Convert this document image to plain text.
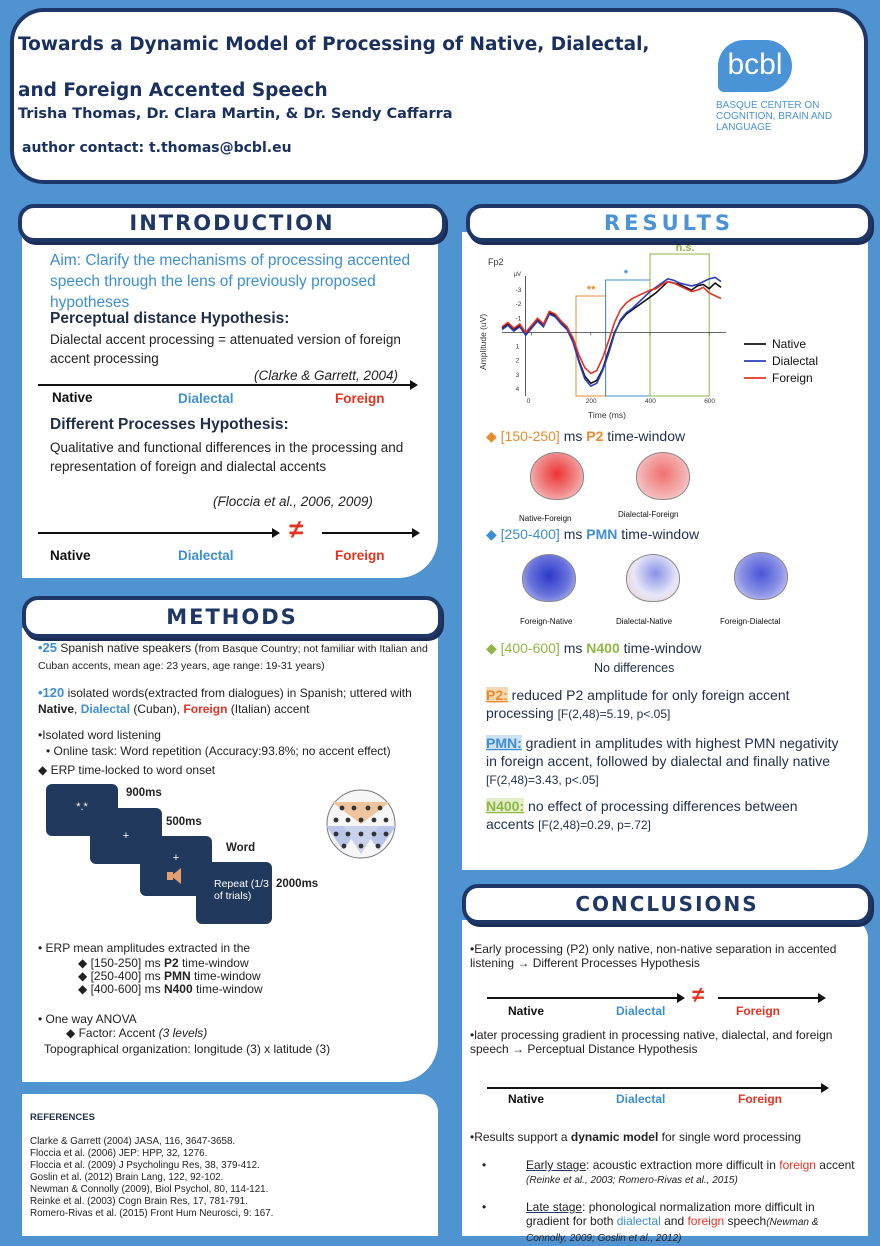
Towards a Dynamic Model of Processing of Native, Dialectal, and Foreign Accented Speech
Trisha Thomas, Dr. Clara Martin, & Dr. Sendy Caffarra
author contact: t.thomas@bcbl.eu
bcbl
BASQUE CENTER ON COGNITION, BRAIN AND LANGUAGE
INTRODUCTION
Aim: Clarify the mechanisms of processing accented speech through the lens of previously proposed hypotheses
Perceptual distance Hypothesis:
Dialectal accent processing = attenuated version of foreign accent processing
(Clarke & Garrett, 2004)
Native	Dialectal	Foreign
Different Processes Hypothesis:
Qualitative and functional differences in the processing and representation of foreign and dialectal accents
(Floccia et al., 2006, 2009)
≠
Native	Dialectal	Foreign
METHODS
•25 Spanish native speakers (from Basque Country; not familiar with Italian and Cuban accents, mean age: 23 years, age range: 19-31 years)
•120 isolated words(extracted from dialogues) in Spanish; uttered with Native, Dialectal (Cuban), Foreign (Italian) accent
•Isolated word listening
• Online task: Word repetition (Accuracy:93.8%; no accent effect)
◆ ERP time-locked to word onset
*.*
900ms
+
500ms
+
Word
Repeat (1/3 of trials)
2000ms
• ERP mean amplitudes extracted in the
◆ [150-250] ms P2 time-window
◆ [250-400] ms PMN time-window
◆ [400-600] ms N400 time-window
• One way ANOVA
◆ Factor: Accent (3 levels)
Topographical organization: longitude (3) x latitude (3)
REFERENCES
Clarke & Garrett (2004) JASA, 116, 3647-3658.
Floccia et al. (2006) JEP: HPP, 32, 1276.
Floccia et al. (2009) J Psycholingu Res, 38, 379-412.
Goslin et al. (2012) Brain Lang, 122, 92-102.
Newman & Connolly (2009), Biol Psychol, 80, 114-121.
Reinke et al. (2003) Cogn Brain Res, 17, 781-791.
Romero-Rivas et al. (2015) Front Hum Neurosci, 9: 167.
RESULTS
Fp2
Amplitude (uV)
Time (ms)
**
*
n.s.
0	200	400	600
-3
-2
-1
1
2
3
4
µV
Native
Dialectal
Foreign
◆ [150-250] ms P2 time-window
Native-Foreign	Dialectal-Foreign
◆ [250-400] ms PMN time-window
Foreign-Native	Dialectal-Native	Foreign-Dialectal
◆ [400-600] ms N400 time-window
No differences
P2: reduced P2 amplitude for only foreign accent processing [F(2,48)=5.19, p<.05]
PMN: gradient in amplitudes with highest PMN negativity in foreign accent, followed by dialectal and finally native [F(2,48)=3.43, p<.05]
N400: no effect of processing differences between accents [F(2,48)=0.29, p=.72]
CONCLUSIONS
•Early processing (P2) only native, non-native separation in accented listening → Different Processes Hypothesis
≠
Native	Dialectal	Foreign
•later processing gradient in processing native, dialectal, and foreign speech → Perceptual Distance Hypothesis
Native	Dialectal	Foreign
•Results support a dynamic model for single word processing
•	Early stage: acoustic extraction more difficult in foreign accent (Reinke et al., 2003; Romero-Rivas et al., 2015)
•	Late stage: phonological normalization more difficult in gradient for both dialectal and foreign speech(Newman & Connolly, 2009; Goslin et al., 2012)
